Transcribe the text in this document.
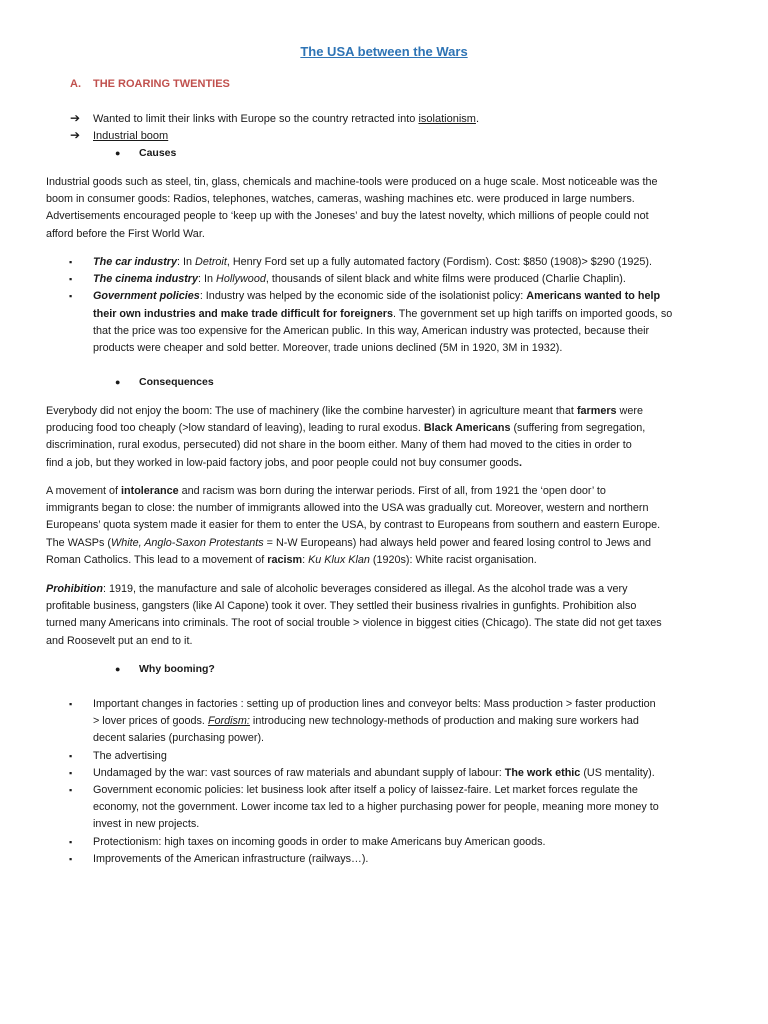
The USA between the Wars
A. THE ROARING TWENTIES
➔ Wanted to limit their links with Europe so the country retracted into isolationism.
➔ Industrial boom
● Causes

Industrial goods such as steel, tin, glass, chemicals and machine-tools were produced on a huge scale. Most noticeable was the
boom in consumer goods: Radios, telephones, watches, cameras, washing machines etc. were produced in large numbers.
Advertisements encouraged people to ‘keep up with the Joneses’ and buy the latest novelty, which millions of people could not
afford before the First World War.

▪ The car industry: In Detroit, Henry Ford set up a fully automated factory (Fordism). Cost: $850 (1908)> $290 (1925).
▪ The cinema industry: In Hollywood, thousands of silent black and white films were produced (Charlie Chaplin).
▪ Government policies: Industry was helped by the economic side of the isolationist policy: Americans wanted to help
their own industries and make trade difficult for foreigners. The government set up high tariffs on imported goods, so
that the price was too expensive for the American public. In this way, American industry was protected, because their
products were cheaper and sold better. Moreover, trade unions declined (5M in 1920, 3M in 1932).
● Consequences

Everybody did not enjoy the boom: The use of machinery (like the combine harvester) in agriculture meant that farmers were
producing food too cheaply (>low standard of leaving), leading to rural exodus. Black Americans (suffering from segregation,
discrimination, rural exodus, persecuted) did not share in the boom either. Many of them had moved to the cities in order to
find a job, but they worked in low-paid factory jobs, and poor people could not buy consumer goods.

A movement of intolerance and racism was born during the interwar periods. First of all, from 1921 the ‘open door’ to
immigrants began to close: the number of immigrants allowed into the USA was gradually cut. Moreover, western and northern
Europeans’ quota system made it easier for them to enter the USA, by contrast to Europeans from southern and eastern Europe.
The WASPs (White, Anglo-Saxon Protestants = N-W Europeans) had always held power and feared losing control to Jews and
Roman Catholics. This lead to a movement of racism: Ku Klux Klan (1920s): White racist organisation.

Prohibition: 1919, the manufacture and sale of alcoholic beverages considered as illegal. As the alcohol trade was a very
profitable business, gangsters (like Al Capone) took it over. They settled their business rivalries in gunfights. Prohibition also
turned many Americans into criminals. The root of social trouble > violence in biggest cities (Chicago). The state did not get taxes
and Roosevelt put an end to it.

● Why booming?
▪ Important changes in factories : setting up of production lines and conveyor belts: Mass production > faster production
> lover prices of goods. Fordism: introducing new technology-methods of production and making sure workers had
decent salaries (purchasing power).
▪ The advertising
▪ Undamaged by the war: vast sources of raw materials and abundant supply of labour: The work ethic (US mentality).
▪ Government economic policies: let business look after itself a policy of laissez-faire. Let market forces regulate the
economy, not the government. Lower income tax led to a higher purchasing power for people, meaning more money to
invest in new projects.
▪ Protectionism: high taxes on incoming goods in order to make Americans buy American goods.
▪ Improvements of the American infrastructure (railways…).
